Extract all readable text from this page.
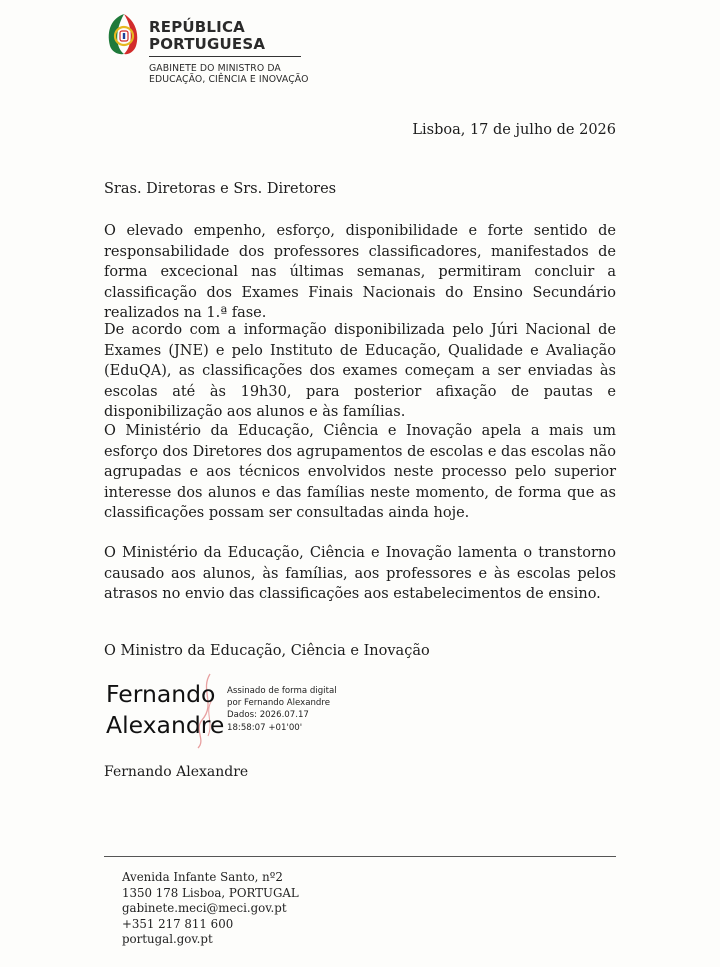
REPÚBLICA
PORTUGUESA
GABINETE DO MINISTRO DA
EDUCAÇÃO, CIÊNCIA E INOVAÇÃO
Lisboa, 17 de julho de 2026
Sras. Diretoras e Srs. Diretores

O elevado empenho, esforço, disponibilidade e forte sentido de responsabilidade dos professores classificadores, manifestados de forma excecional nas últimas semanas, permitiram concluir a classificação dos Exames Finais Nacionais do Ensino Secundário realizados na 1.ª fase.

De acordo com a informação disponibilizada pelo Júri Nacional de Exames (JNE) e pelo Instituto de Educação, Qualidade e Avaliação (EduQA), as classificações dos exames começam a ser enviadas às escolas até às 19h30, para posterior afixação de pautas e disponibilização aos alunos e às famílias.

O Ministério da Educação, Ciência e Inovação apela a mais um esforço dos Diretores dos agrupamentos de escolas e das escolas não agrupadas e aos técnicos envolvidos neste processo pelo superior interesse dos alunos e das famílias neste momento, de forma que as classificações possam ser consultadas ainda hoje.

O Ministério da Educação, Ciência e Inovação lamenta o transtorno causado aos alunos, às famílias, aos professores e às escolas pelos atrasos no envio das classificações aos estabelecimentos de ensino.

O Ministro da Educação, Ciência e Inovação
Fernando
Alexandre
Assinado de forma digital
por Fernando Alexandre
Dados: 2026.07.17
18:58:07 +01'00'
Fernando Alexandre
Avenida Infante Santo, nº2
1350 178 Lisboa, PORTUGAL
gabinete.meci@meci.gov.pt
+351 217 811 600
portugal.gov.pt
